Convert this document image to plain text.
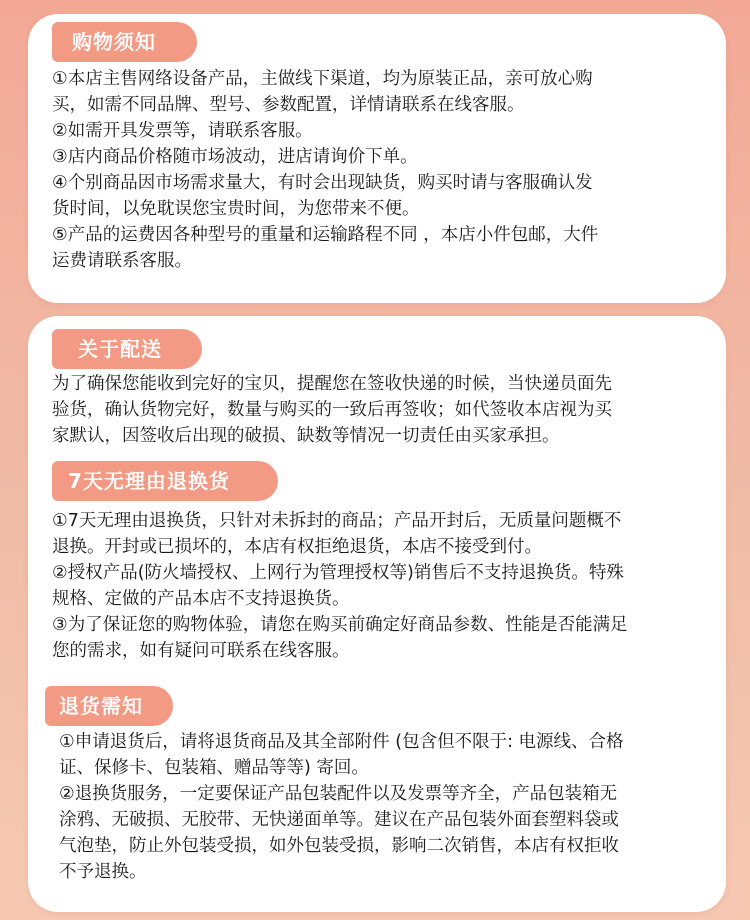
购物须知
①本店主售网络设备产品，主做线下渠道，均为原装正品，亲可放心购
买，如需不同品牌、型号、参数配置，详情请联系在线客服。
②如需开具发票等，请联系客服。
③店内商品价格随市场波动，进店请询价下单。
④个别商品因市场需求量大，有时会出现缺货，购买时请与客服确认发
货时间，以免耽误您宝贵时间，为您带来不便。
⑤产品的运费因各种型号的重量和运输路程不同 ，本店小件包邮，大件
运费请联系客服。
关于配送
为了确保您能收到完好的宝贝，提醒您在签收快递的时候，当快递员面先
验货，确认货物完好，数量与购买的一致后再签收；如代签收本店视为买
家默认，因签收后出现的破损、缺数等情况一切责任由买家承担。
7天无理由退换货
①7天无理由退换货，只针对未拆封的商品；产品开封后，无质量问题概不
退换。开封或已损坏的，本店有权拒绝退货，本店不接受到付。
②授权产品(防火墙授权、上网行为管理授权等)销售后不支持退换货。特殊
规格、定做的产品本店不支持退换货。
③为了保证您的购物体验，请您在购买前确定好商品参数、性能是否能满足
您的需求，如有疑问可联系在线客服。
退货需知
①申请退货后，请将退货商品及其全部附件 (包含但不限于: 电源线、合格
证、保修卡、包装箱、赠品等等) 寄回。
②退换货服务，一定要保证产品包装配件以及发票等齐全，产品包装箱无
涂鸦、无破损、无胶带、无快递面单等。建议在产品包装外面套塑料袋或
气泡垫，防止外包装受损，如外包装受损，影响二次销售，本店有权拒收
不予退换。
